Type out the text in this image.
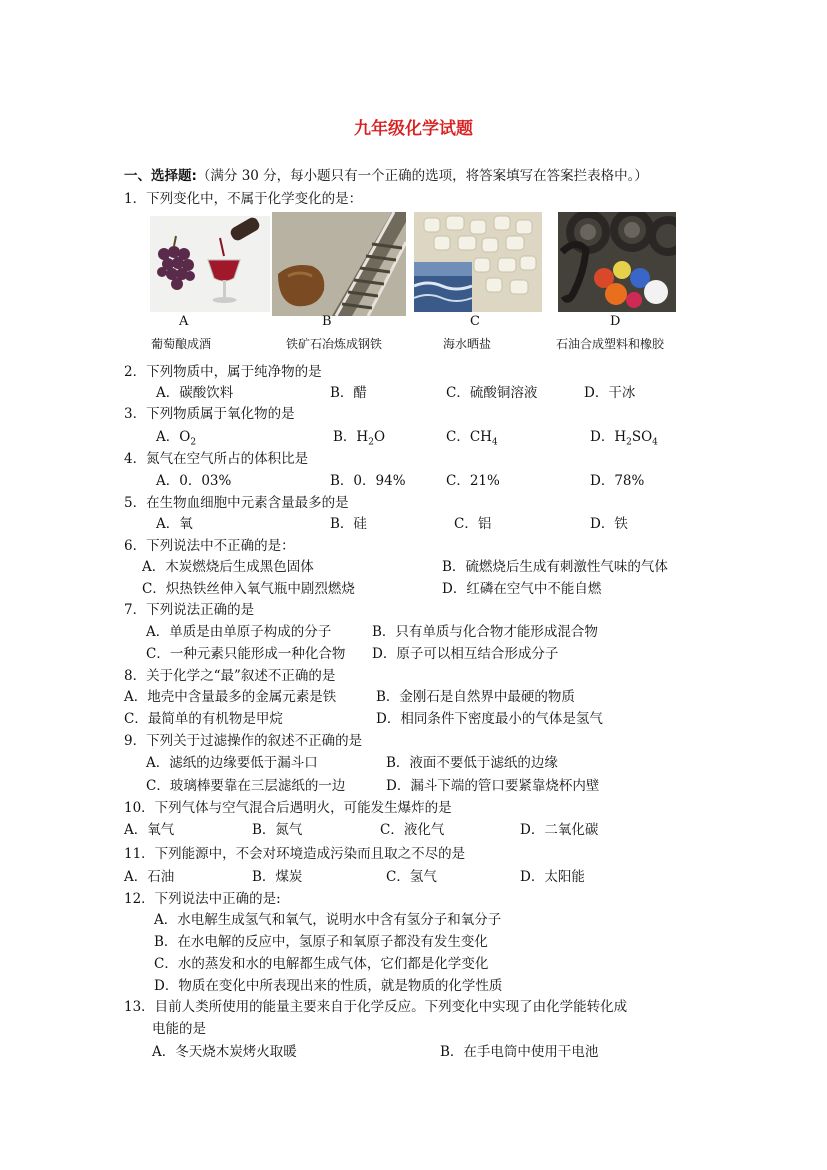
九年级化学试题
一、选择题:（满分 30 分，每小题只有一个正确的选项，将答案填写在答案拦表格中。）
1．下列变化中，不属于化学变化的是：
A	B	C	D
葡萄酿成酒	铁矿石冶炼成钢铁	海水晒盐	石油合成塑料和橡胶
2．下列物质中，属于纯净物的是
A．碳酸饮料	B．醋	C．硫酸铜溶液	D．干冰
3．下列物质属于氧化物的是
A．$O_2$	B．$H_2O$	C．$CH_4$	D．$H_2SO_4$
4．氮气在空气所占的体积比是
A．0．03%	B．0．94%	C．21%	D．78%
5．在生物血细胞中元素含量最多的是
A．氧	B．硅	C．铝	D．铁
6．下列说法中不正确的是：
A．木炭燃烧后生成黑色固体	B．硫燃烧后生成有刺激性气味的气体
C．炽热铁丝伸入氧气瓶中剧烈燃烧	D．红磷在空气中不能自燃
7．下列说法正确的是
A．单质是由单原子构成的分子	B．只有单质与化合物才能形成混合物
C．一种元素只能形成一种化合物 D．原子可以相互结合形成分子
8．关于化学之“最”叙述不正确的是
A．地壳中含量最多的金属元素是铁	B．金刚石是自然界中最硬的物质
C．最简单的有机物是甲烷	D．相同条件下密度最小的气体是氢气
9．下列关于过滤操作的叙述不正确的是
A．滤纸的边缘要低于漏斗口	B．液面不要低于滤纸的边缘
C．玻璃棒要靠在三层滤纸的一边	D．漏斗下端的管口要紧靠烧杯内壁
10．下列气体与空气混合后遇明火，可能发生爆炸的是
A．氧气	B．氮气	C．液化气	D．二氧化碳
11．下列能源中，不会对环境造成污染而且取之不尽的是
A．石油	B．煤炭	C．氢气	D．太阳能
12．下列说法中正确的是:
A．水电解生成氢气和氧气，说明水中含有氢分子和氧分子
B．在水电解的反应中，氢原子和氧原子都没有发生变化
C．水的蒸发和水的电解都生成气体，它们都是化学变化
D．物质在变化中所表现出来的性质，就是物质的化学性质
13．目前人类所使用的能量主要来自于化学反应。下列变化中实现了由化学能转化成
电能的是
A．冬天烧木炭烤火取暖	B．在手电筒中使用干电池
